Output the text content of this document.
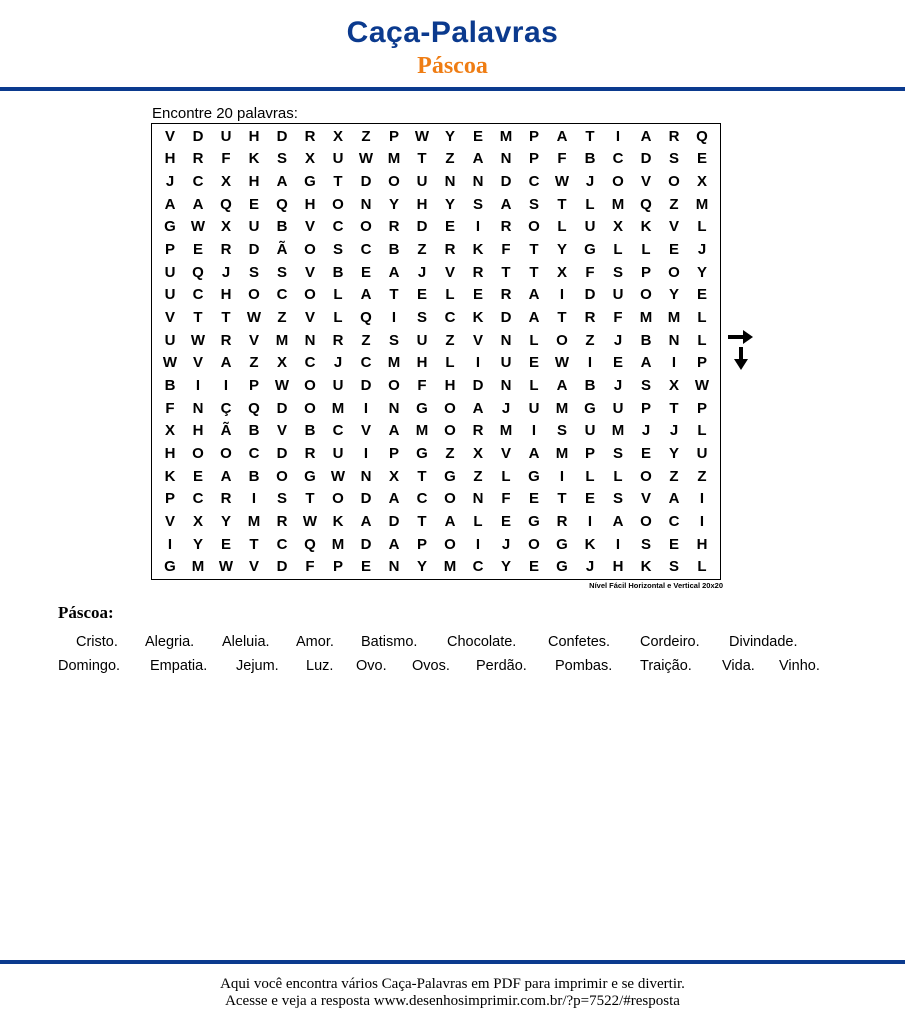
Caça-Palavras
Páscoa
Encontre 20 palavras:
V	D	U	H	D	R	X	Z	P	W	Y	E	M	P	A	T	I	A	R	Q
H	R	F	K	S	X	U	W M	T	Z	A	N	P	F	B	C	D	S	E
J	C	X	H	A	G	T	D	O	U	N	N	D	C	W	J	O	V	O	X
A	A	Q	E	Q	H	O	N	Y	H	Y	S	A	S	T	L	M	Q	Z	M
G	W	X	U	B	V	C	O	R	D	E	I	R	O	L	U	X	K	V	L
P	E	R	D	Ã	O	S	C	B	Z	R	K	F	T	Y	G	L	L	E	J
U	Q	J	S	S	V	B	E	A	J	V	R	T	T	X	F	S	P	O	Y
U	C	H	O	C	O	L	A	T	E	L	E	R	A	I	D	U	O	Y	E
V	T	T	W	Z	V	L	Q	I	S	C	K	D	A	T	R	F	M	M	L
U	W	R	V	M	N	R	Z	S	U	Z	V	N	L	O	Z	J	B	N	L
W	V	A	Z	X	C	J	C	M	H	L	I	U	E	W	I	E	A	I	P
B	I	I	P	W	O	U	D	O	F	H	D	N	L	A	B	J	S	X	W
F	N	Ç	Q	D	O	M	I	N	G	O	A	J	U	M	G	U	P	T	P
X	H	Ã	B	V	B	C	V	A	M	O	R	M	I	S	U	M	J	J	L
H	O	O	C	D	R	U	I	P	G	Z	X	V	A	M	P	S	E	Y	U
K	E	A	B	O	G	W	N	X	T	G	Z	L	G	I	L	L	O	Z	Z
P	C	R	I	S	T	O	D	A	C	O	N	F	E	T	E	S	V	A	I
V	X	Y	M	R	W	K	A	D	T	A	L	E	G	R	I	A	O	C	I
I	Y	E	T	C	Q	M	D	A	P	O	I	J	O	G	K	I	S	E	H
G	M W	V	D	F	P	E	N	Y	M	C	Y	E	G	J	H	K	S	L
Nível Fácil Horizontal e Vertical 20x20
Páscoa:
Cristo. Alegria. Aleluia. Amor. Batismo. Chocolate. Confetes. Cordeiro. Divindade.
Domingo. Empatia. Jejum. Luz. Ovo. Ovos. Perdão. Pombas. Traição. Vida. Vinho.
Aqui você encontra vários Caça-Palavras em PDF para imprimir e se divertir.
Acesse e veja a resposta www.desenhosimprimir.com.br/?p=7522/#resposta
